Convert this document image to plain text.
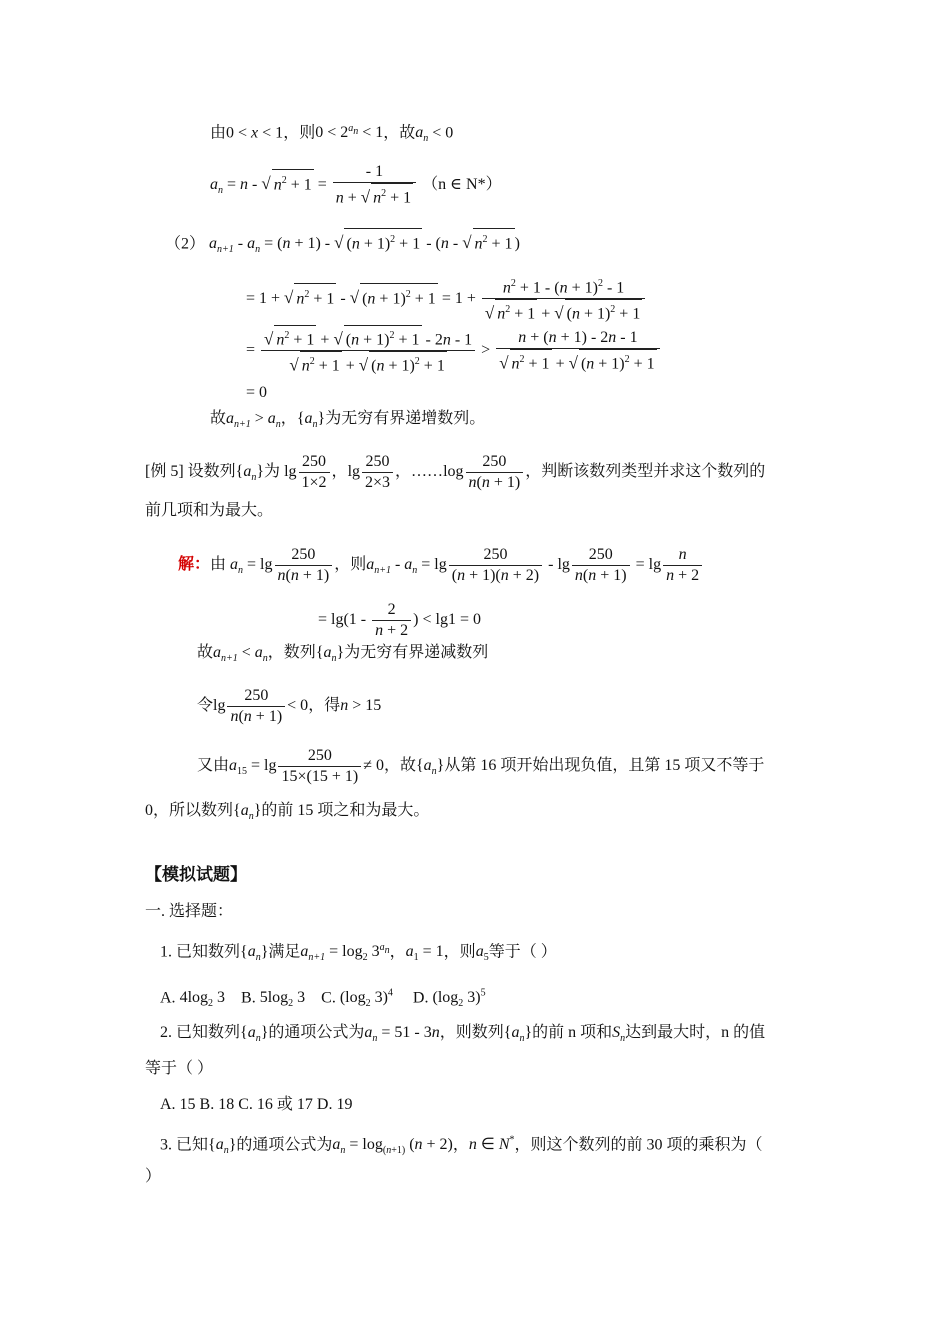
由0 < x < 1，则$0 < 2^{a_n} < 1$，故$a_n < 0$
$a_n = n$ - √ $n^2 + 1 = \frac{- 1}{n + √ n^2 + 1} (n$ ∈ N*）
（2） $a_{n+1} - a_n = (n + 1)$ - √ $(n + 1)^2 + 1 - (n$ - √ $n^2 + 1$ )
= 1 + √ $n^2 + 1$ - √ $(n + 1)^2 + 1 = 1 + \frac{n^2 + 1 - (n + 1)^2 - 1}{√ n^2 + 1 + √ (n + 1)^2 + 1}$
= $\frac{√ n^2 + 1 + √ (n + 1)^2 + 1 - 2n - 1}{√ n^2 + 1 + √ (n + 1)^2 + 1} > \frac{n + (n + 1) - 2n - 1}{√ n^2 + 1 + √ (n + 1)^2 + 1}$
= 0
故$a_{n+1} > a_n$，$\{a_n\}$为无穷有界递增数列。
[例 5] 设数列$\{a_n\}$为 $\lg \frac{250}{1\times 2}$ ，$\lg \frac{250}{2\times 3}$ ，……log $\frac{250}{n(n + 1)}$ ，判断该数列类型并求这个数列的
前几项和为最大。
解：由 $a_n = \lg \frac{250}{n(n + 1)}$ ，则$a_{n+1} - a_n = \lg \frac{250}{(n + 1)(n + 2)} - \lg \frac{250}{n(n + 1)} = \lg \frac{n}{n + 2}$
= $\lg(1 - \frac{2}{n + 2}$ ) < lg1 = 0
故$a_{n+1} < a_n$，数列$\{a_n\}$为无穷有界递减数列
令$\lg \frac{250}{n(n + 1)} < 0$，得n > 15
又由$a_{15} = \lg \frac{250}{15\times(15 + 1)} \ne 0$，故$\{a_n\}$从第 16 项开始出现负值，且第 15 项又不等于
0，所以数列$\{a_n\}$的前 15 项之和为最大。
【模拟试题】
一. 选择题：
1. 已知数列$\{a_n\}$满足$a_{n+1} = \log_2 3^{a_n}$，$a_1 = 1$，则$a_5$等于（ ）
A. $4\log_2$ 3 B. $5\log_2$ 3 C. ($\log_2$ 3)$^4$ D. ($\log_2$ 3)$^5$
2. 已知数列$\{a_n\}$的通项公式为$a_n = 51 - 3n$，则数列$\{a_n\}$的前 n 项和$S_n$达到最大时，n 的值
等于（ ）
A. 15 B. 18 C. 16 或 17 D. 19
3. 已知$\{a_n\}$的通项公式为$a_n = \log_{(n+1)} (n + 2)$，n ∈ N*，则这个数列的前 30 项的乘积为（
）
